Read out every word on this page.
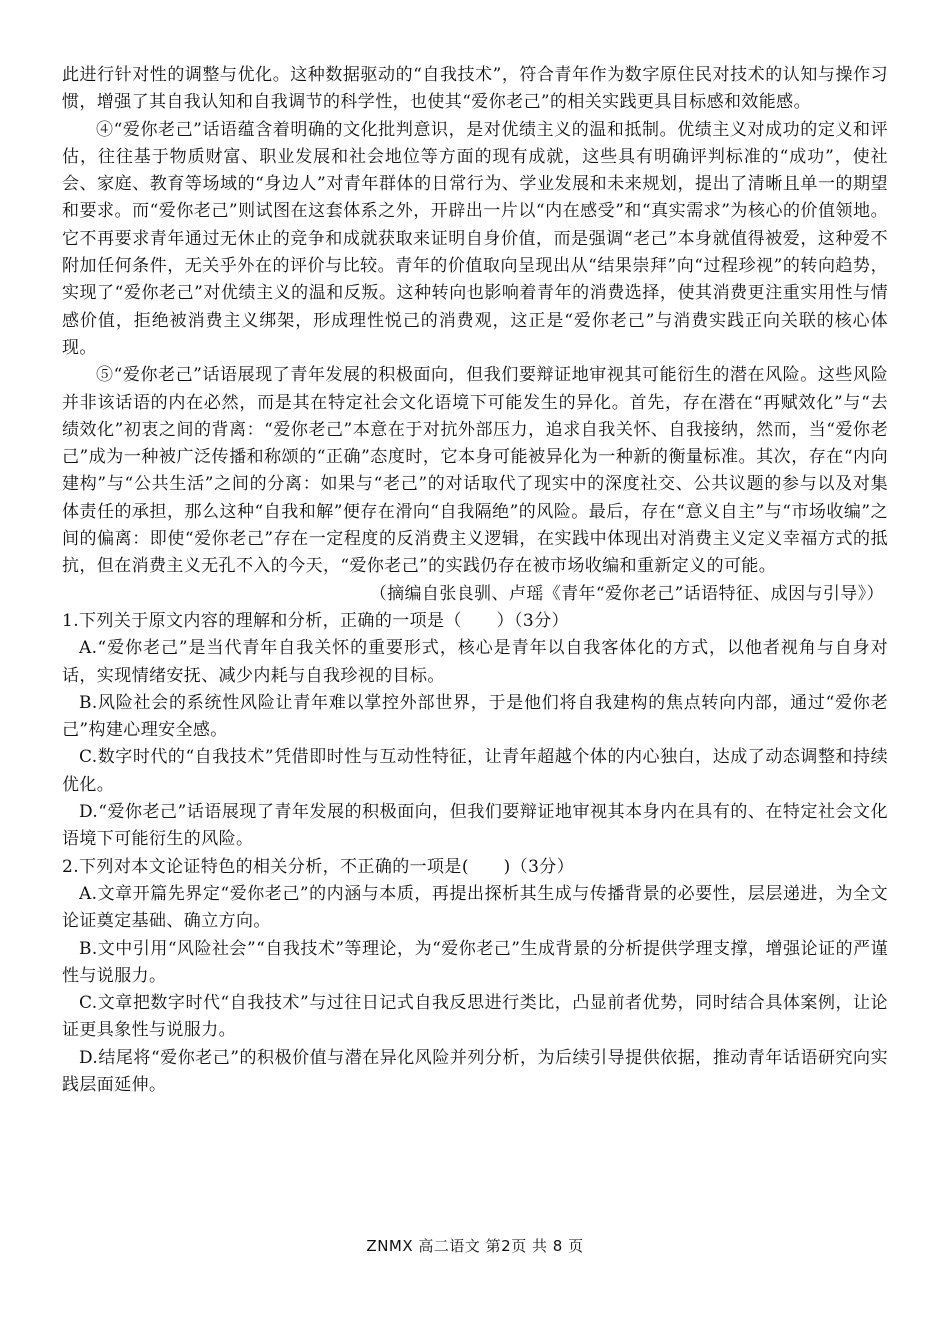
此进行针对性的调整与优化。这种数据驱动的“自我技术”，符合青年作为数字原住民对技术的认知与操作习惯，增强了其自我认知和自我调节的科学性，也使其“爱你老己”的相关实践更具目标感和效能感。

④“爱你老己”话语蕴含着明确的文化批判意识，是对优绩主义的温和抵制。优绩主义对成功的定义和评估，往往基于物质财富、职业发展和社会地位等方面的现有成就，这些具有明确评判标准的“成功”，使社会、家庭、教育等场域的“身边人”对青年群体的日常行为、学业发展和未来规划，提出了清晰且单一的期望和要求。而“爱你老己”则试图在这套体系之外，开辟出一片以“内在感受”和“真实需求”为核心的价值领地。它不再要求青年通过无休止的竞争和成就获取来证明自身价值，而是强调“老己”本身就值得被爱，这种爱不附加任何条件，无关乎外在的评价与比较。青年的价值取向呈现出从“结果崇拜”向“过程珍视”的转向趋势，实现了“爱你老己”对优绩主义的温和反叛。这种转向也影响着青年的消费选择，使其消费更注重实用性与情感价值，拒绝被消费主义绑架，形成理性悦己的消费观，这正是“爱你老己”与消费实践正向关联的核心体现。

⑤“爱你老己”话语展现了青年发展的积极面向，但我们要辩证地审视其可能衍生的潜在风险。这些风险并非该话语的内在必然，而是其在特定社会文化语境下可能发生的异化。首先，存在潜在“再赋效化”与“去绩效化”初衷之间的背离：“爱你老己”本意在于对抗外部压力，追求自我关怀、自我接纳，然而，当“爱你老己”成为一种被广泛传播和称颂的“正确”态度时，它本身可能被异化为一种新的衡量标准。其次，存在“内向建构”与“公共生活”之间的分离：如果与“老己”的对话取代了现实中的深度社交、公共议题的参与以及对集体责任的承担，那么这种“自我和解”便存在滑向“自我隔绝”的风险。最后，存在“意义自主”与“市场收编”之间的偏离：即使“爱你老己”存在一定程度的反消费主义逻辑，在实践中体现出对消费主义定义幸福方式的抵抗，但在消费主义无孔不入的今天，“爱你老己”的实践仍存在被市场收编和重新定义的可能。

（摘编自张良驯、卢瑶《青年“爱你老己”话语特征、成因与引导》）

1.下列关于原文内容的理解和分析，正确的一项是（　　）（3分）

A.“爱你老己”是当代青年自我关怀的重要形式，核心是青年以自我客体化的方式，以他者视角与自身对话，实现情绪安抚、减少内耗与自我珍视的目标。

B.风险社会的系统性风险让青年难以掌控外部世界，于是他们将自我建构的焦点转向内部，通过“爱你老己”构建心理安全感。

C.数字时代的“自我技术”凭借即时性与互动性特征，让青年超越个体的内心独白，达成了动态调整和持续优化。

D.“爱你老己”话语展现了青年发展的积极面向，但我们要辩证地审视其本身内在具有的、在特定社会文化语境下可能衍生的风险。

2.下列对本文论证特色的相关分析，不正确的一项是(　　)（3分）

A.文章开篇先界定“爱你老己”的内涵与本质，再提出探析其生成与传播背景的必要性，层层递进，为全文论证奠定基础、确立方向。

B.文中引用“风险社会”“自我技术”等理论，为“爱你老己”生成背景的分析提供学理支撑，增强论证的严谨性与说服力。

C.文章把数字时代“自我技术”与过往日记式自我反思进行类比，凸显前者优势，同时结合具体案例，让论证更具象性与说服力。

D.结尾将“爱你老己”的积极价值与潜在异化风险并列分析，为后续引导提供依据，推动青年话语研究向实践层面延伸。

ZNMX 高二语文 第2页 共 8 页
